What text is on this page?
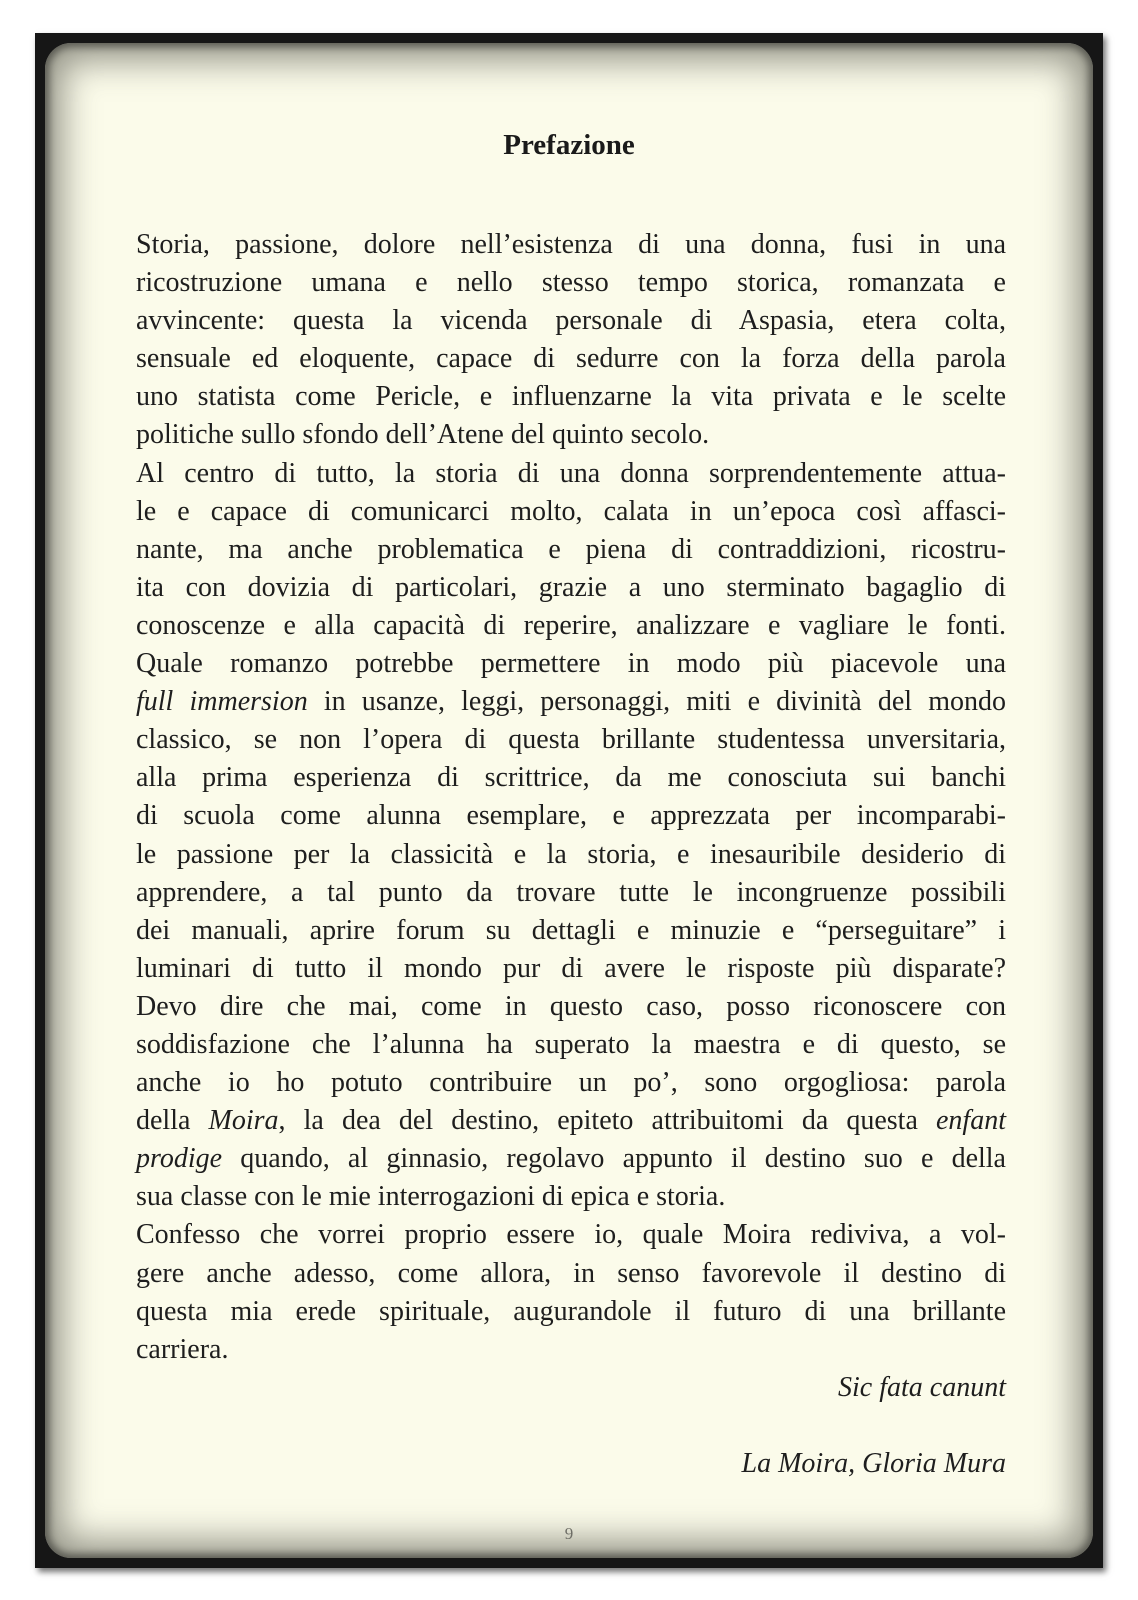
Prefazione
Storia, passione, dolore nell’esistenza di una donna, fusi in una
ricostruzione umana e nello stesso tempo storica, romanzata e
avvincente: questa la vicenda personale di Aspasia, etera colta,
sensuale ed eloquente, capace di sedurre con la forza della parola
uno statista come Pericle, e influenzarne la vita privata e le scelte
politiche sullo sfondo dell’Atene del quinto secolo.
Al centro di tutto, la storia di una donna sorprendentemente attua-
le e capace di comunicarci molto, calata in un’epoca così affasci-
nante, ma anche problematica e piena di contraddizioni, ricostru-
ita con dovizia di particolari, grazie a uno sterminato bagaglio di
conoscenze e alla capacità di reperire, analizzare e vagliare le fonti.
Quale romanzo potrebbe permettere in modo più piacevole una
full immersion in usanze, leggi, personaggi, miti e divinità del mondo
classico, se non l’opera di questa brillante studentessa unversitaria,
alla prima esperienza di scrittrice, da me conosciuta sui banchi
di scuola come alunna esemplare, e apprezzata per incomparabi-
le passione per la classicità e la storia, e inesauribile desiderio di
apprendere, a tal punto da trovare tutte le incongruenze possibili
dei manuali, aprire forum su dettagli e minuzie e “perseguitare” i
luminari di tutto il mondo pur di avere le risposte più disparate?
Devo dire che mai, come in questo caso, posso riconoscere con
soddisfazione che l’alunna ha superato la maestra e di questo, se
anche io ho potuto contribuire un po’, sono orgogliosa: parola
della Moira, la dea del destino, epiteto attribuitomi da questa enfant
prodige quando, al ginnasio, regolavo appunto il destino suo e della
sua classe con le mie interrogazioni di epica e storia.
Confesso che vorrei proprio essere io, quale Moira rediviva, a vol-
gere anche adesso, come allora, in senso favorevole il destino di
questa mia erede spirituale, augurandole il futuro di una brillante
carriera.
Sic fata canunt
La Moira, Gloria Mura
9
